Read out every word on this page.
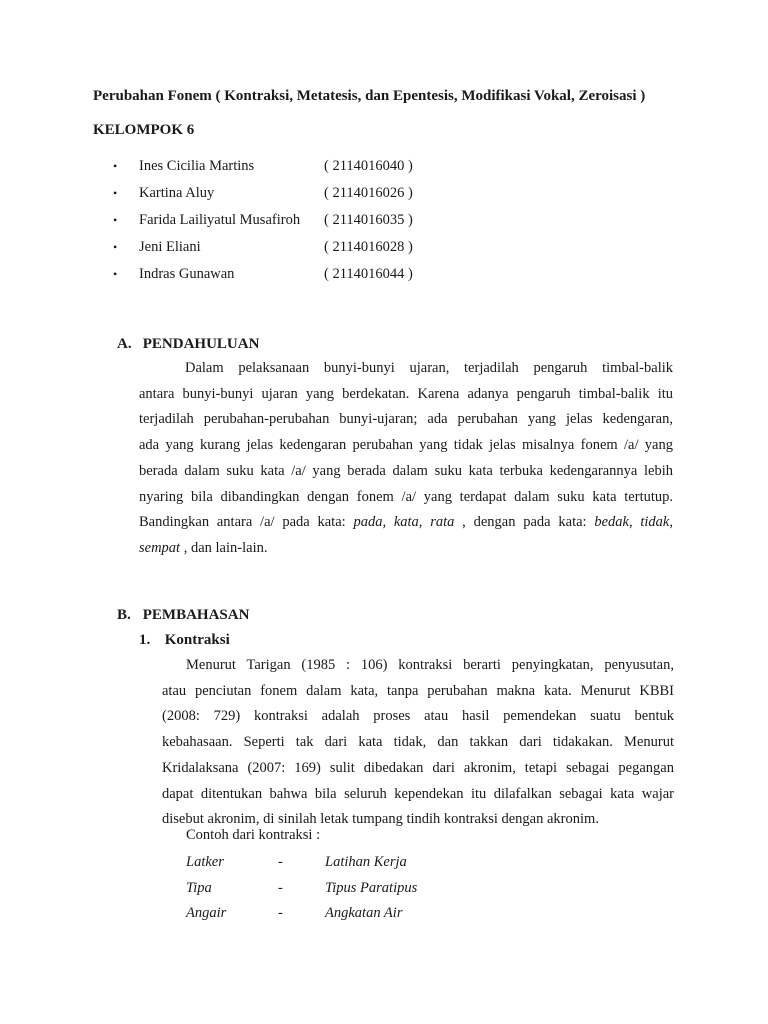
Perubahan Fonem ( Kontraksi, Metatesis, dan Epentesis, Modifikasi Vokal, Zeroisasi )
KELOMPOK 6
•	Ines Cicilia Martins	( 2114016040 )
•	Kartina Aluy	( 2114016026 )
•	Farida Lailiyatul Musafiroh ( 2114016035 )
•	Jeni Eliani	( 2114016028 )
•	Indras Gunawan	( 2114016044 )
A. PENDAHULUAN
Dalam pelaksanaan bunyi-bunyi ujaran, terjadilah pengaruh timbal-balik
antara bunyi-bunyi ujaran yang berdekatan. Karena adanya pengaruh timbal-balik itu
terjadilah perubahan-perubahan bunyi-ujaran; ada perubahan yang jelas kedengaran,
ada yang kurang jelas kedengaran perubahan yang tidak jelas misalnya fonem /a/ yang
berada dalam suku kata /a/ yang berada dalam suku kata terbuka kedengarannya lebih
nyaring bila dibandingkan dengan fonem /a/ yang terdapat dalam suku kata tertutup.
Bandingkan antara /a/ pada kata: pada, kata, rata , dengan pada kata: bedak, tidak,
sempat , dan lain-lain.
B. PEMBAHASAN
1. Kontraksi
Menurut Tarigan (1985 : 106) kontraksi berarti penyingkatan, penyusutan,
atau penciutan fonem dalam kata, tanpa perubahan makna kata. Menurut KBBI
(2008: 729) kontraksi adalah proses atau hasil pemendekan suatu bentuk
kebahasaan. Seperti tak dari kata tidak, dan takkan dari tidakakan. Menurut
Kridalaksana (2007: 169) sulit dibedakan dari akronim, tetapi sebagai pegangan
dapat ditentukan bahwa bila seluruh kependekan itu dilafalkan sebagai kata wajar
disebut akronim, di sinilah letak tumpang tindih kontraksi dengan akronim.
Contoh dari kontraksi :
Latker	-	Latihan Kerja
Tipa	-	Tipus Paratipus
Angair	-	Angkatan Air
